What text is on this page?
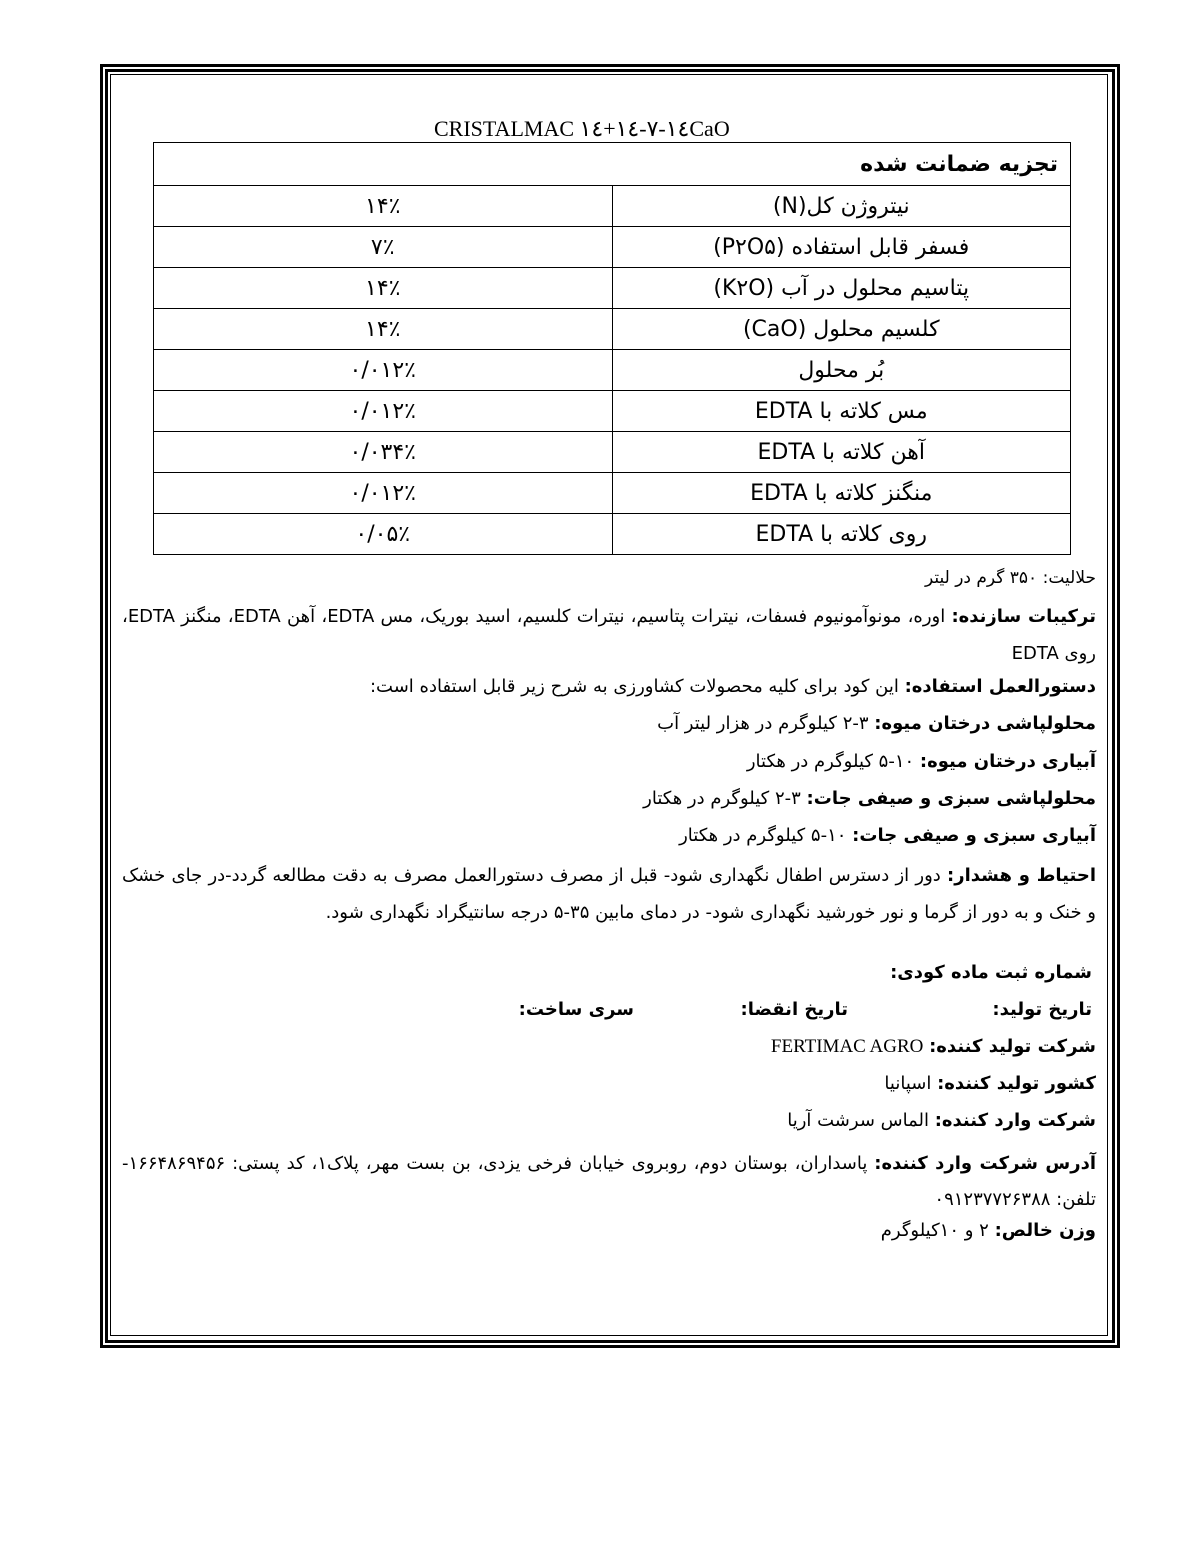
CRISTALMAC ١٤-٧-١٤+١٤CaO
تجزیه ضمانت شده	
نیتروژن کل(N)	۱۴٪
فسفر قابل استفاده (P۲O۵)	۷٪
پتاسیم محلول در آب (K۲O)	۱۴٪
کلسیم محلول (CaO)	۱۴٪
بُر محلول	۰/۰۱۲٪
مس کلاته با EDTA	۰/۰۱۲٪
آهن کلاته با EDTA	۰/۰۳۴٪
منگنز کلاته با EDTA	۰/۰۱۲٪
روی کلاته با EDTA	۰/۰۵٪
حلالیت: ۳۵۰ گرم در لیتر
ترکیبات سازنده: اوره، مونوآمونیوم فسفات، نیترات پتاسیم، نیترات کلسیم، اسید بوریک، مس EDTA، آهن EDTA، منگنز EDTA، روی EDTA
دستورالعمل استفاده: این کود برای کلیه محصولات کشاورزی به شرح زیر قابل استفاده است:
محلولپاشی درختان میوه: ۳-۲ کیلوگرم در هزار لیتر آب
آبیاری درختان میوه: ۱۰-۵ کیلوگرم در هکتار
محلولپاشی سبزی و صیفی جات: ۳-۲ کیلوگرم در هکتار
آبیاری سبزی و صیفی جات: ۱۰-۵ کیلوگرم در هکتار
احتیاط و هشدار: دور از دسترس اطفال نگهداری شود- قبل از مصرف دستورالعمل مصرف به دقت مطالعه گردد-در جای خشک و خنک و به دور از گرما و نور خورشید نگهداری شود- در دمای مابین ۳۵-۵ درجه سانتیگراد نگهداری شود.
شماره ثبت ماده کودی:
تاریخ تولید:
تاریخ انقضا:
سری ساخت:
شرکت تولید کننده: FERTIMAC AGRO
کشور تولید کننده: اسپانیا
شرکت وارد کننده: الماس سرشت آریا
آدرس شرکت وارد کننده: پاسداران، بوستان دوم، روبروی خیابان فرخی یزدی، بن بست مهر، پلاک۱، کد پستی: ۱۶۶۴۸۶۹۴۵۶- تلفن: ۰۹۱۲۳۷۷۲۶۳۸۸
وزن خالص: ۲ و ۱۰کیلوگرم
